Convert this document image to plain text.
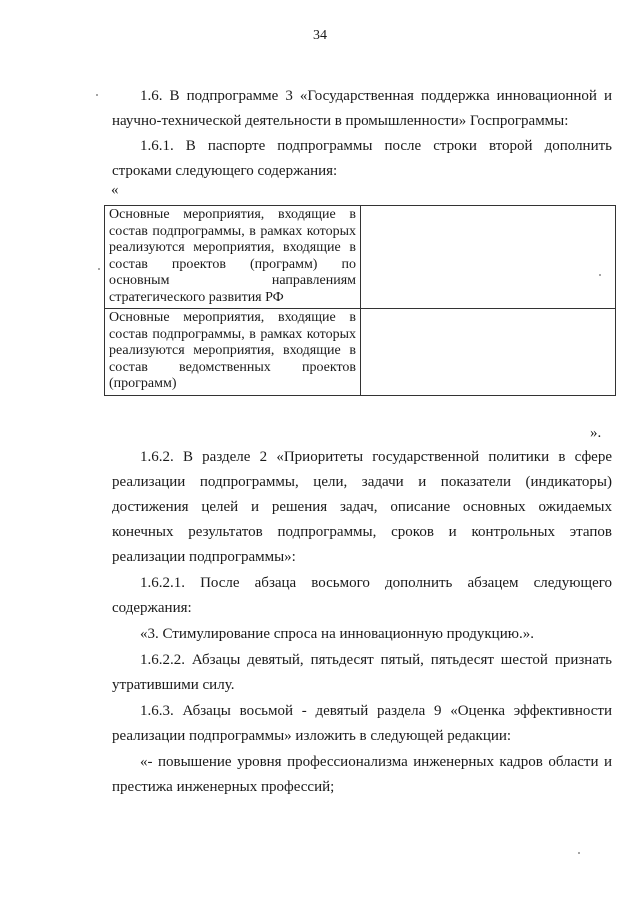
34
1.6. В подпрограмме 3 «Государственная поддержка инновационной и научно-технической деятельности в промышленности» Госпрограммы:
1.6.1. В паспорте подпрограммы после строки второй дополнить строками следующего содержания:
«
Основные мероприятия, входящие в состав подпрограммы, в рамках которых реализуются мероприятия, входящие в состав проектов (программ) по основным направлениям стратегического развития РФ	
Основные мероприятия, входящие в состав подпрограммы, в рамках которых реализуются мероприятия, входящие в состав ведомственных проектов (программ)	
».
1.6.2. В разделе 2 «Приоритеты государственной политики в сфере реализации подпрограммы, цели, задачи и показатели (индикаторы) достижения целей и решения задач, описание основных ожидаемых конечных результатов подпрограммы, сроков и контрольных этапов реализации подпрограммы»:
1.6.2.1. После абзаца восьмого дополнить абзацем следующего содержания:
«3. Стимулирование спроса на инновационную продукцию.».
1.6.2.2. Абзацы девятый, пятьдесят пятый, пятьдесят шестой признать утратившими силу.
1.6.3. Абзацы восьмой - девятый раздела 9 «Оценка эффективности реализации подпрограммы» изложить в следующей редакции:
«- повышение уровня профессионализма инженерных кадров области и престижа инженерных профессий;
